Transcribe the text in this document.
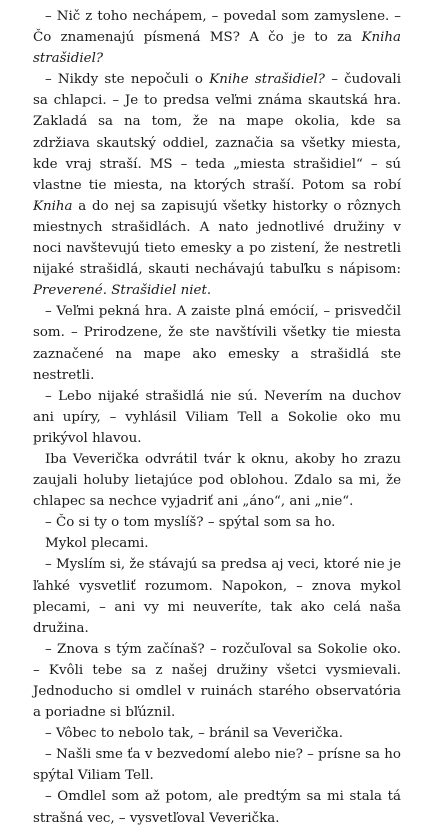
– Nič z toho nechápem, – povedal som zamyslene. – Čo znamenajú písmená MS? A čo je to za Kniha strašidiel?

– Nikdy ste nepočuli o Knihe strašidiel? – čudovali sa chlapci. – Je to predsa veľmi známa skautská hra. Zakladá sa na tom, že na mape okolia, kde sa zdržiava skautský oddiel, zaznačia sa všetky miesta, kde vraj straší. MS – teda „miesta strašidiel“ – sú vlastne tie miesta, na ktorých straší. Potom sa robí Kniha a do nej sa zapisujú všetky historky o rôznych miestnych strašidlách. A nato jednotlivé družiny v noci navštevujú tieto emesky a po zistení, že nestretli nijaké strašidlá, skauti nechávajú tabuľku s nápisom: Preverené. Strašidiel niet.

– Veľmi pekná hra. A zaiste plná emócií, – prisvedčil som. – Prirodzene, že ste navštívili všetky tie miesta zaznačené na mape ako emesky a strašidlá ste nestretli.

– Lebo nijaké strašidlá nie sú. Neverím na duchov ani upíry, – vyhlásil Viliam Tell a Sokolie oko mu prikývol hlavou.

Iba Veverička odvrátil tvár k oknu, akoby ho zrazu zaujali holuby lietajúce pod oblohou. Zdalo sa mi, že chlapec sa nechce vyjadriť ani „áno“, ani „nie“.

– Čo si ty o tom myslíš? – spýtal som sa ho.

Mykol plecami.

– Myslím si, že stávajú sa predsa aj veci, ktoré nie je ľahké vysvetliť rozumom. Napokon, – znova mykol plecami, – ani vy mi neuveríte, tak ako celá naša družina.

– Znova s tým začínaš? – rozčuľoval sa Sokolie oko. – Kvôli tebe sa z našej družiny všetci vysmievali. Jednoducho si omdlel v ruinách starého observatória a poriadne si bľúznil.

– Vôbec to nebolo tak, – bránil sa Veverička.

– Našli sme ťa v bezvedomí alebo nie? – prísne sa ho spýtal Viliam Tell.

– Omdlel som až potom, ale predtým sa mi stala tá strašná vec, – vysvetľoval Veverička.
